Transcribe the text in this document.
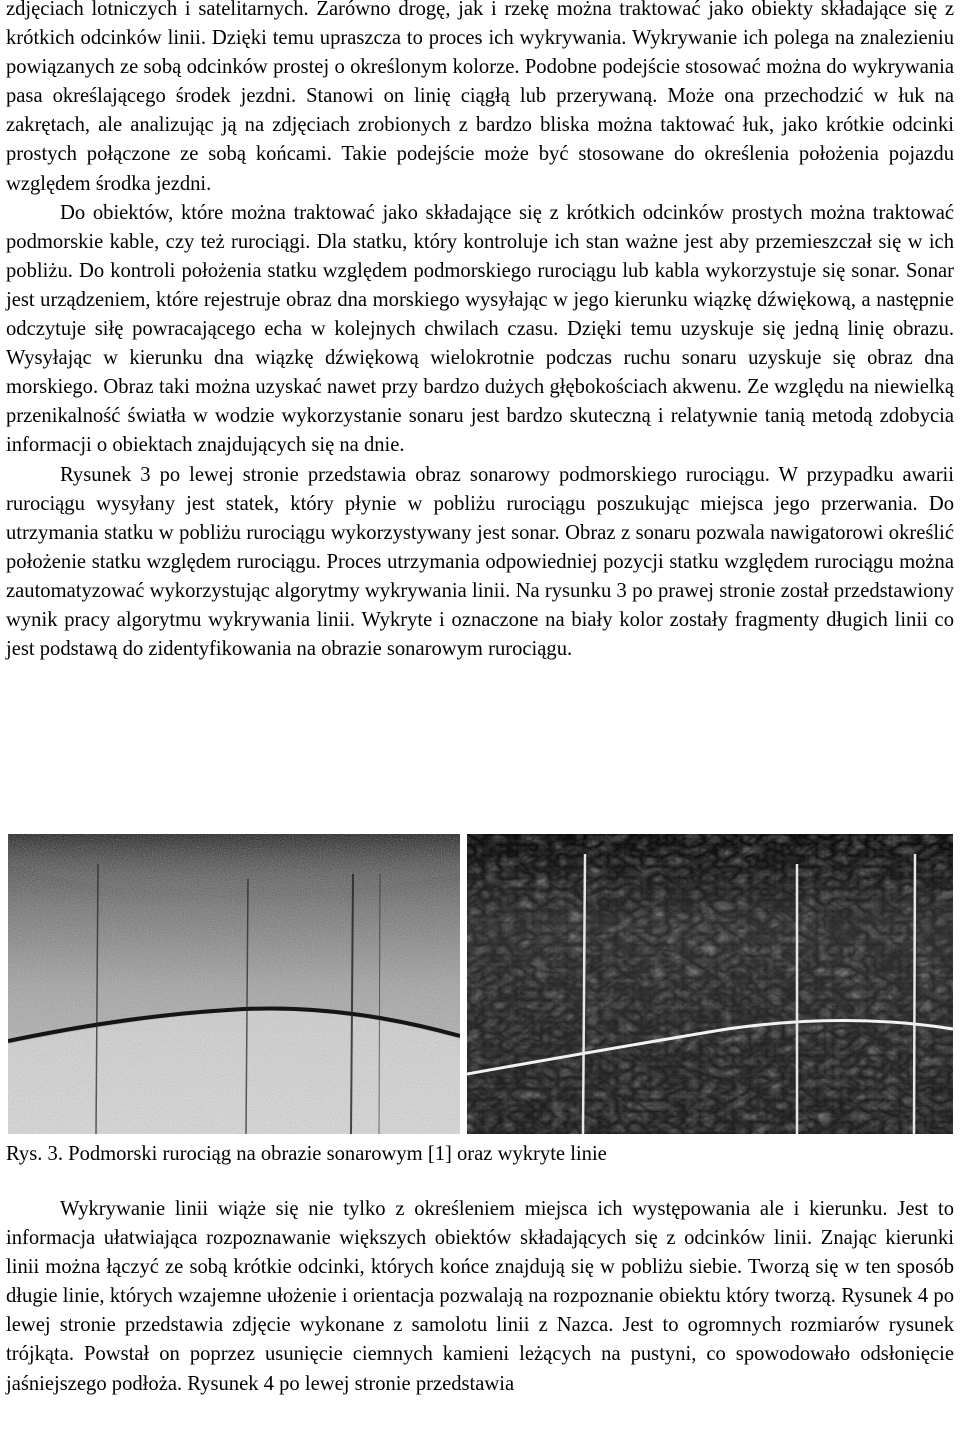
zdjęciach lotniczych i satelitarnych. Zarówno drogę, jak i rzekę można traktować jako obiekty składające się z krótkich odcinków linii. Dzięki temu upraszcza to proces ich wykrywania. Wykrywanie ich polega na znalezieniu powiązanych ze sobą odcinków prostej o określonym kolorze. Podobne podejście stosować można do wykrywania pasa określającego środek jezdni. Stanowi on linię ciągłą lub przerywaną. Może ona przechodzić w łuk na zakrętach, ale analizując ją na zdjęciach zrobionych z bardzo bliska można taktować łuk, jako krótkie odcinki prostych połączone ze sobą końcami. Takie podejście może być stosowane do określenia położenia pojazdu względem środka jezdni.

Do obiektów, które można traktować jako składające się z krótkich odcinków prostych można traktować podmorskie kable, czy też rurociągi. Dla statku, który kontroluje ich stan ważne jest aby przemieszczał się w ich pobliżu. Do kontroli położenia statku względem podmorskiego rurociągu lub kabla wykorzystuje się sonar. Sonar jest urządzeniem, które rejestruje obraz dna morskiego wysyłając w jego kierunku wiązkę dźwiękową, a następnie odczytuje siłę powracającego echa w kolejnych chwilach czasu. Dzięki temu uzyskuje się jedną linię obrazu. Wysyłając w kierunku dna wiązkę dźwiękową wielokrotnie podczas ruchu sonaru uzyskuje się obraz dna morskiego. Obraz taki można uzyskać nawet przy bardzo dużych głębokościach akwenu. Ze względu na niewielką przenikalność światła w wodzie wykorzystanie sonaru jest bardzo skuteczną i relatywnie tanią metodą zdobycia informacji o obiektach znajdujących się na dnie.

Rysunek 3 po lewej stronie przedstawia obraz sonarowy podmorskiego rurociągu. W przypadku awarii rurociągu wysyłany jest statek, który płynie w pobliżu rurociągu poszukując miejsca jego przerwania. Do utrzymania statku w pobliżu rurociągu wykorzystywany jest sonar. Obraz z sonaru pozwala nawigatorowi określić położenie statku względem rurociągu. Proces utrzymania odpowiedniej pozycji statku względem rurociągu można zautomatyzować wykorzystując algorytmy wykrywania linii. Na rysunku 3 po prawej stronie został przedstawiony wynik pracy algorytmu wykrywania linii. Wykryte i oznaczone na biały kolor zostały fragmenty długich linii co jest podstawą do zidentyfikowania na obrazie sonarowym rurociągu.

Rys. 3. Podmorski rurociąg na obrazie sonarowym [1] oraz wykryte linie

Wykrywanie linii wiąże się nie tylko z określeniem miejsca ich występowania ale i kierunku. Jest to informacja ułatwiająca rozpoznawanie większych obiektów składających się z odcinków linii. Znając kierunki linii można łączyć ze sobą krótkie odcinki, których końce znajdują się w pobliżu siebie. Tworzą się w ten sposób długie linie, których wzajemne ułożenie i orientacja pozwalają na rozpoznanie obiektu który tworzą. Rysunek 4 po lewej stronie przedstawia zdjęcie wykonane z samolotu linii z Nazca. Jest to ogromnych rozmiarów rysunek trójkąta. Powstał on poprzez usunięcie ciemnych kamieni leżących na pustyni, co spowodowało odsłonięcie jaśniejszego podłoża. Rysunek 4 po lewej stronie przedstawia
